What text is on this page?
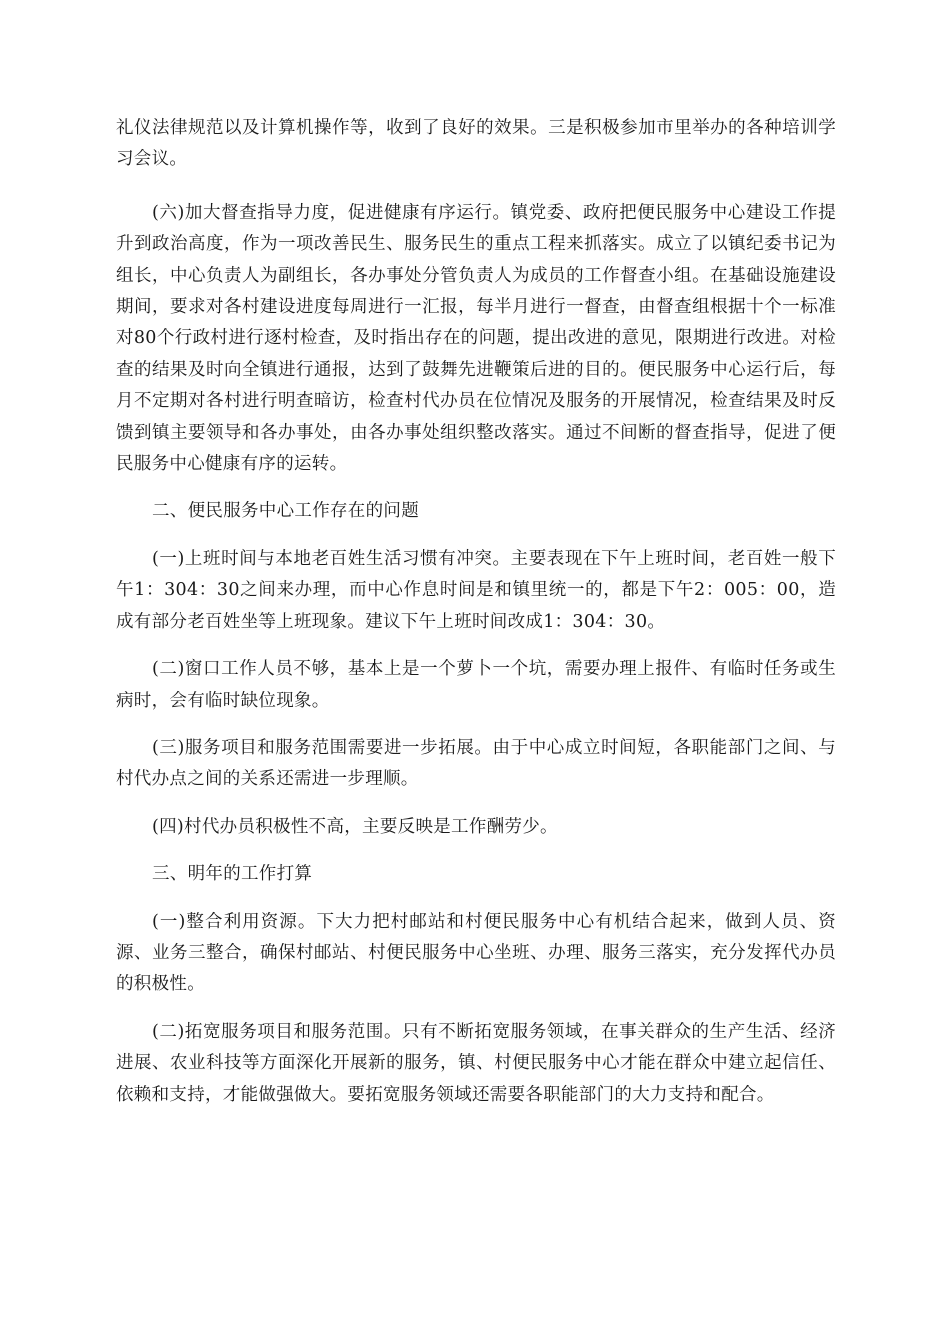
礼仪法律规范以及计算机操作等，收到了良好的效果。三是积极参加市里举办的各种培训学习会议。

(六)加大督查指导力度，促进健康有序运行。镇党委、政府把便民服务中心建设工作提升到政治高度，作为一项改善民生、服务民生的重点工程来抓落实。成立了以镇纪委书记为组长，中心负责人为副组长，各办事处分管负责人为成员的工作督查小组。在基础设施建设期间，要求对各村建设进度每周进行一汇报，每半月进行一督查，由督查组根据十个一标准对80个行政村进行逐村检查，及时指出存在的问题，提出改进的意见，限期进行改进。对检查的结果及时向全镇进行通报，达到了鼓舞先进鞭策后进的目的。便民服务中心运行后，每月不定期对各村进行明查暗访，检查村代办员在位情况及服务的开展情况，检查结果及时反馈到镇主要领导和各办事处，由各办事处组织整改落实。通过不间断的督查指导，促进了便民服务中心健康有序的运转。

二、便民服务中心工作存在的问题

(一)上班时间与本地老百姓生活习惯有冲突。主要表现在下午上班时间，老百姓一般下午1：304：30之间来办理，而中心作息时间是和镇里统一的，都是下午2：005：00，造成有部分老百姓坐等上班现象。建议下午上班时间改成1：304：30。

(二)窗口工作人员不够，基本上是一个萝卜一个坑，需要办理上报件、有临时任务或生病时，会有临时缺位现象。

(三)服务项目和服务范围需要进一步拓展。由于中心成立时间短，各职能部门之间、与村代办点之间的关系还需进一步理顺。

(四)村代办员积极性不高，主要反映是工作酬劳少。

三、明年的工作打算

(一)整合利用资源。下大力把村邮站和村便民服务中心有机结合起来，做到人员、资源、业务三整合，确保村邮站、村便民服务中心坐班、办理、服务三落实，充分发挥代办员的积极性。

(二)拓宽服务项目和服务范围。只有不断拓宽服务领域，在事关群众的生产生活、经济进展、农业科技等方面深化开展新的服务，镇、村便民服务中心才能在群众中建立起信任、依赖和支持，才能做强做大。要拓宽服务领域还需要各职能部门的大力支持和配合。
